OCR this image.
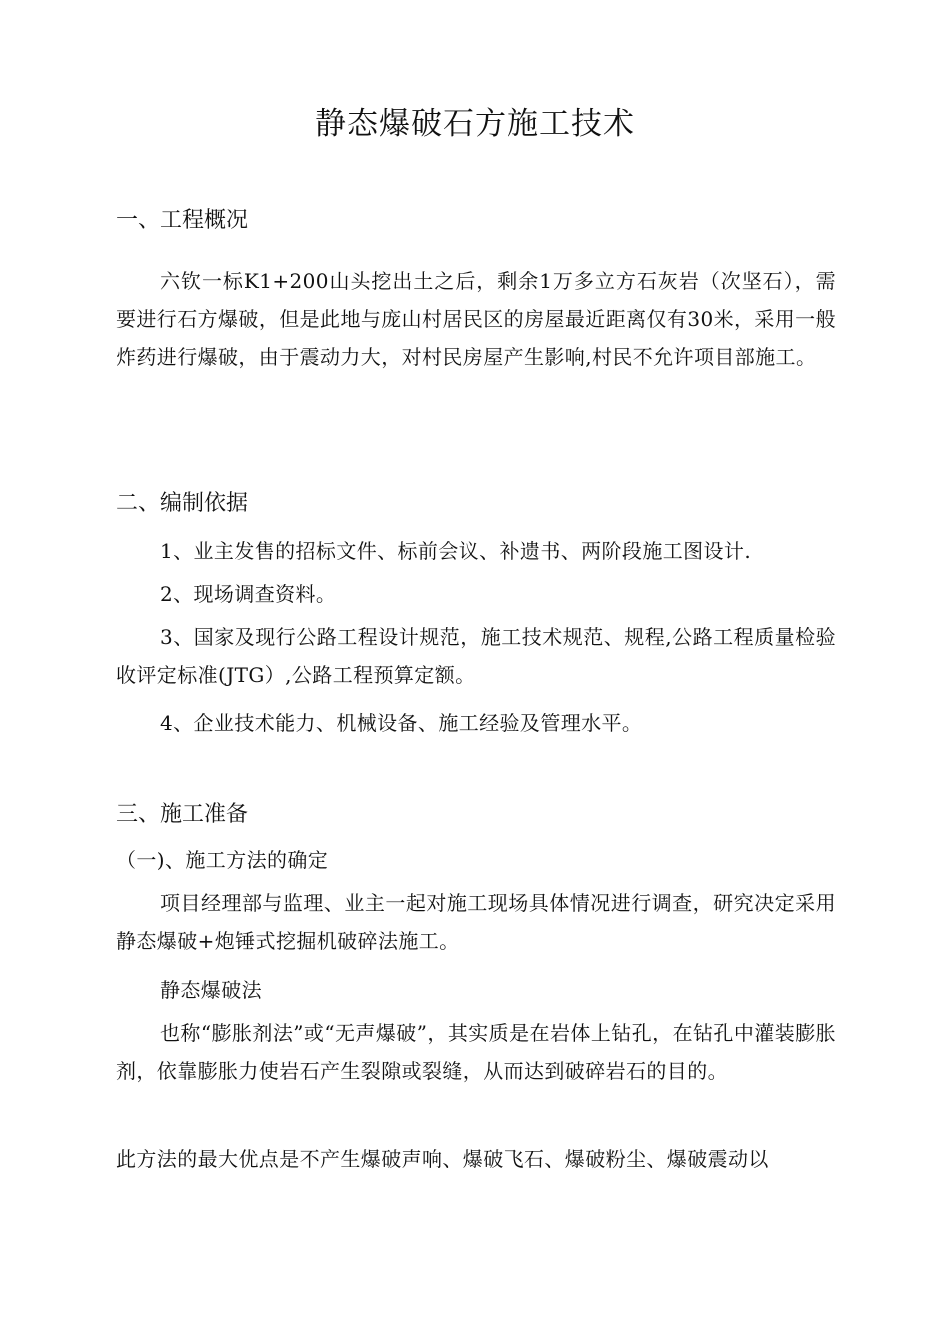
静态爆破石方施工技术
一、工程概况

六钦一标K1+200山头挖出土之后，剩余1万多立方石灰岩（次坚石），需要进行石方爆破，但是此地与庞山村居民区的房屋最近距离仅有30米，采用一般炸药进行爆破，由于震动力大，对村民房屋产生影响,村民不允许项目部施工。

二、编制依据

1、业主发售的招标文件、标前会议、补遗书、两阶段施工图设计.

2、现场调查资料。

3、国家及现行公路工程设计规范，施工技术规范、规程,公路工程质量检验收评定标准(JTG）,公路工程预算定额。

4、企业技术能力、机械设备、施工经验及管理水平。

三、施工准备

（一)、施工方法的确定

项目经理部与监理、业主一起对施工现场具体情况进行调查，研究决定采用静态爆破+炮锤式挖掘机破碎法施工。

静态爆破法

也称“膨胀剂法”或“无声爆破”，其实质是在岩体上钻孔，在钻孔中灌装膨胀剂，依靠膨胀力使岩石产生裂隙或裂缝，从而达到破碎岩石的目的。

此方法的最大优点是不产生爆破声响、爆破飞石、爆破粉尘、爆破震动以
